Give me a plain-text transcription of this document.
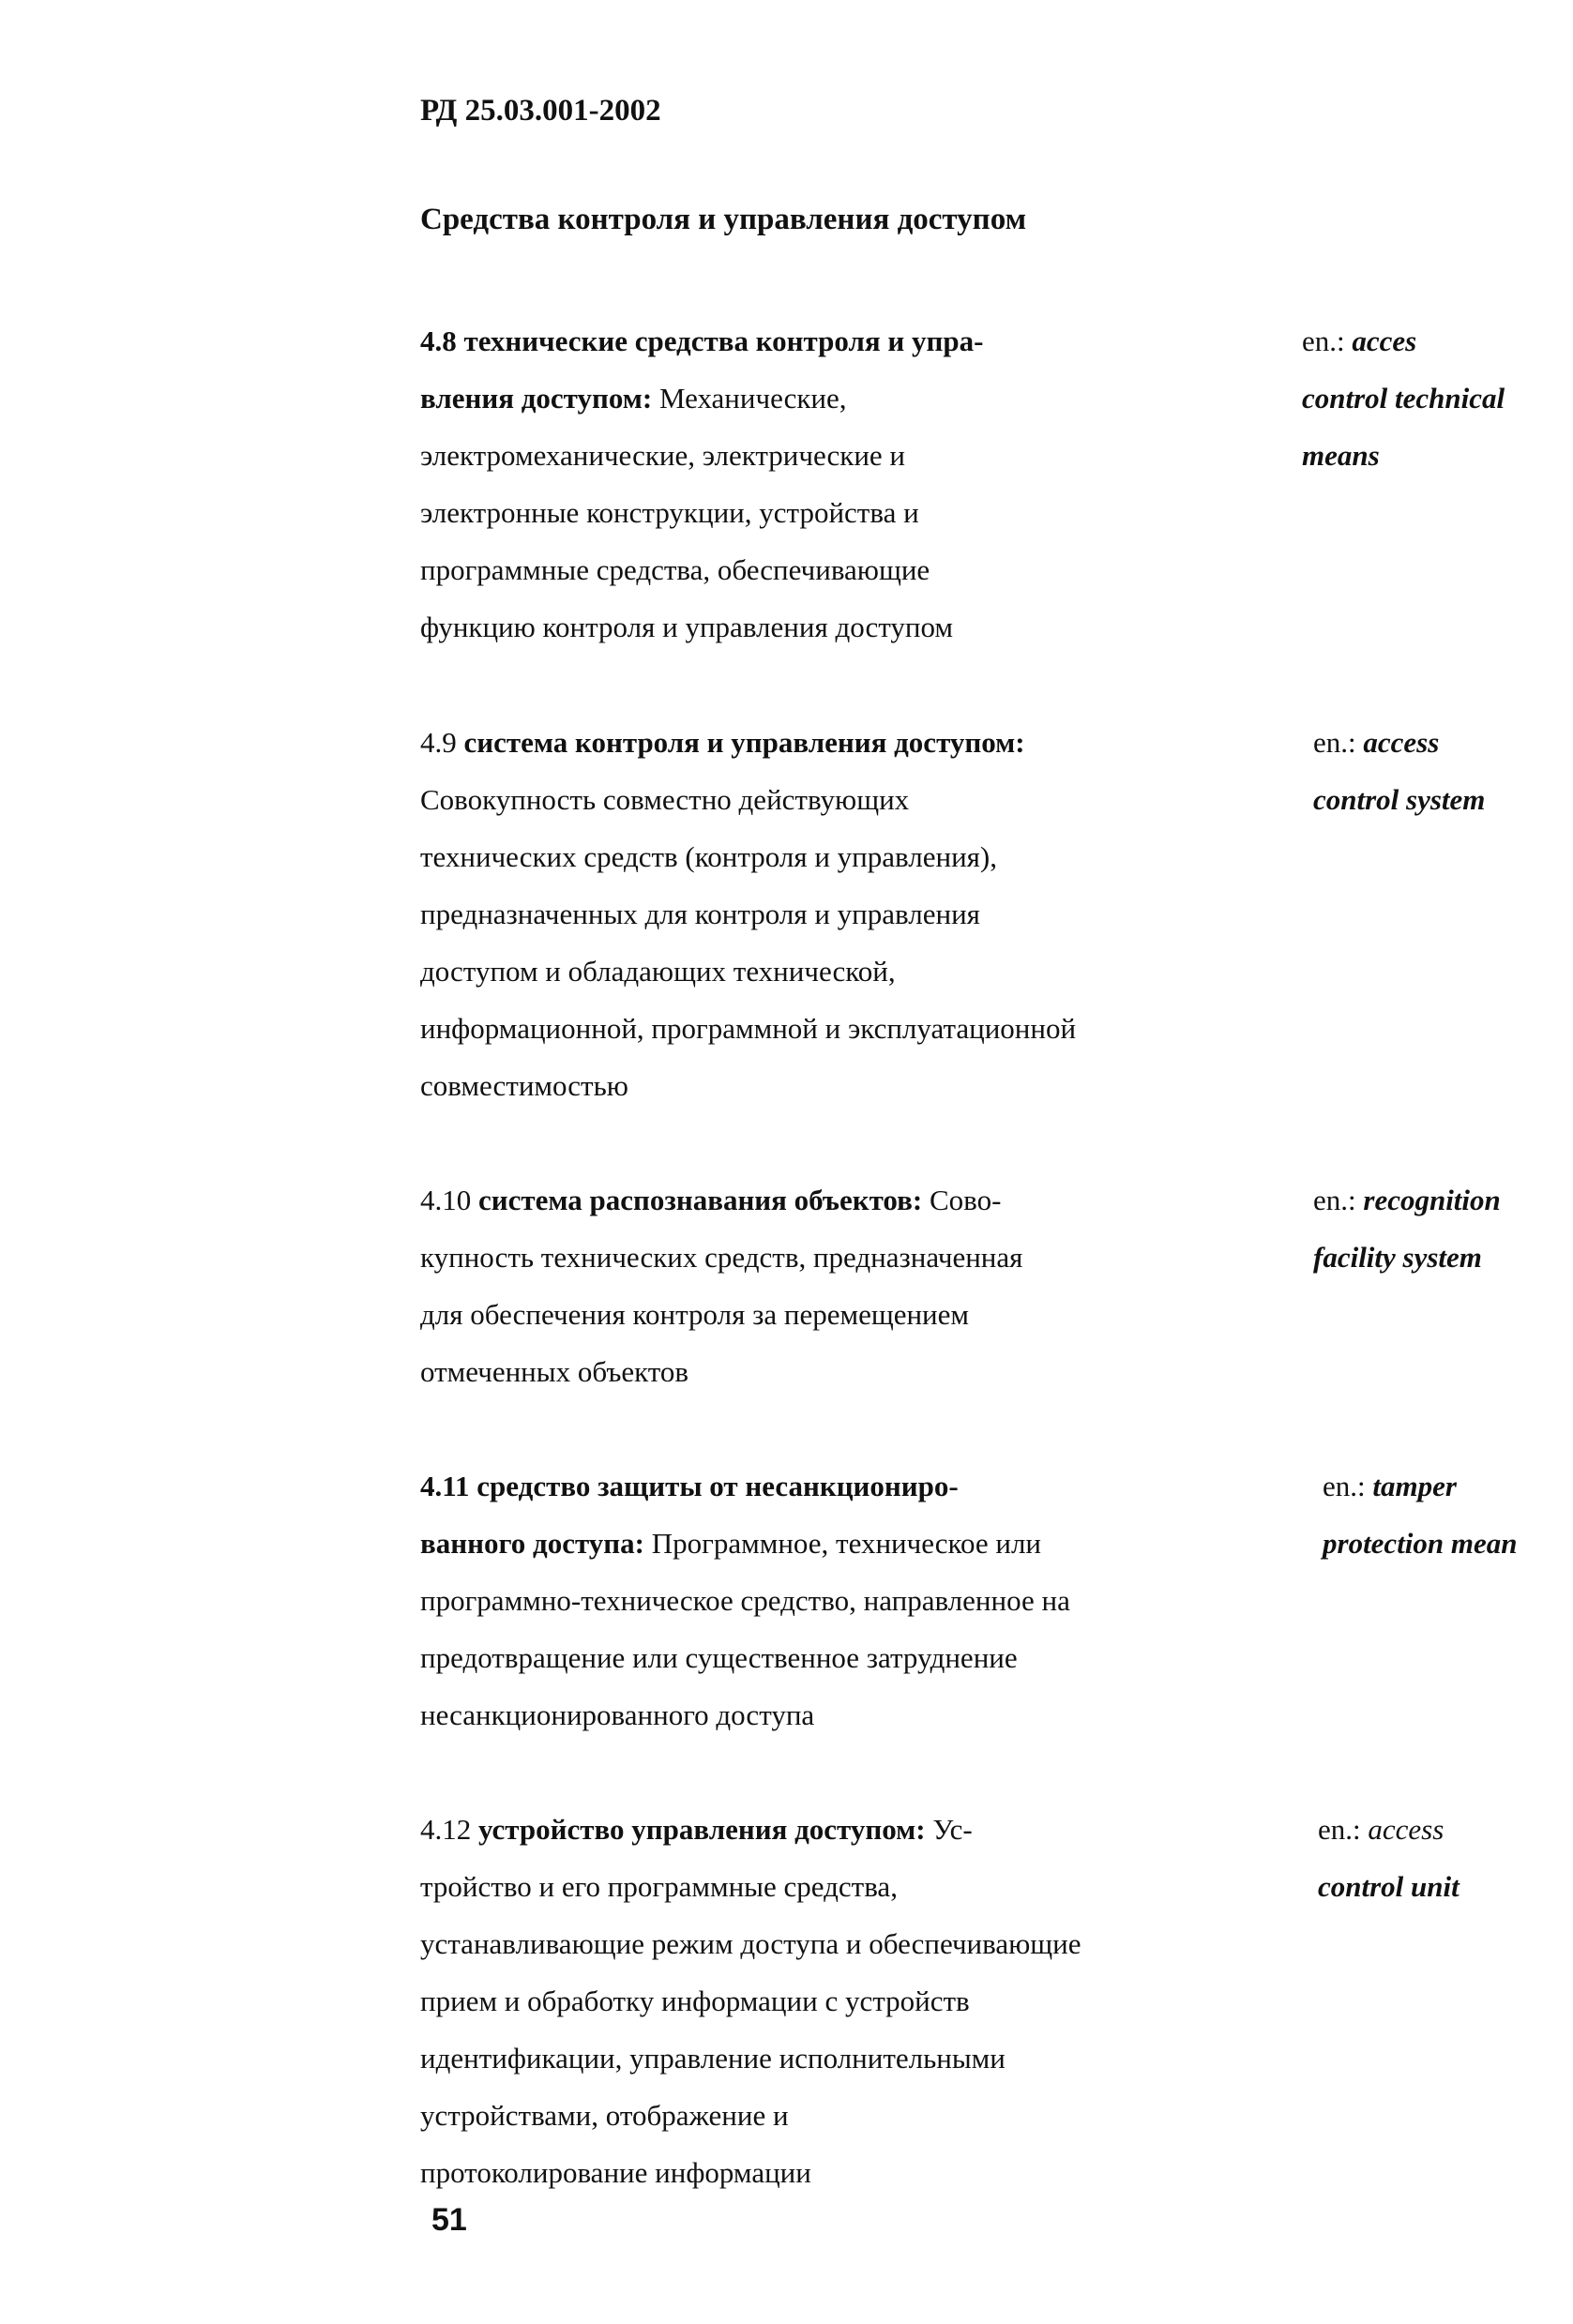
РД 25.03.001-2002
Средства контроля и управления доступом
4.8 технические средства контроля и упра-
вления доступом: Механические,
электромеханические, электрические и
электронные конструкции, устройства и
программные средства, обеспечивающие
функцию контроля и управления доступом
en.: acces
control technical
means
4.9 система контроля и управления доступом:
Совокупность совместно действующих
технических средств (контроля и управления),
предназначенных для контроля и управления
доступом и обладающих технической,
информационной, программной и эксплуатационной
совместимостью
en.: access
control system
4.10 система распознавания объектов: Сово-
купность технических средств, предназначенная
для обеспечения контроля за перемещением
отмеченных объектов
en.: recognition
facility system
4.11 средство защиты от несанкциониро-
ванного доступа: Программное, техническое или
программно-техническое средство, направленное на
предотвращение или существенное затруднение
несанкционированного доступа
en.: tamper
protection mean
4.12 устройство управления доступом: Ус-
тройство и его программные средства,
устанавливающие режим доступа и обеспечивающие
прием и обработку информации с устройств
идентификации, управление исполнительными
устройствами, отображение и
протоколирование информации
en.: access
control unit
51
